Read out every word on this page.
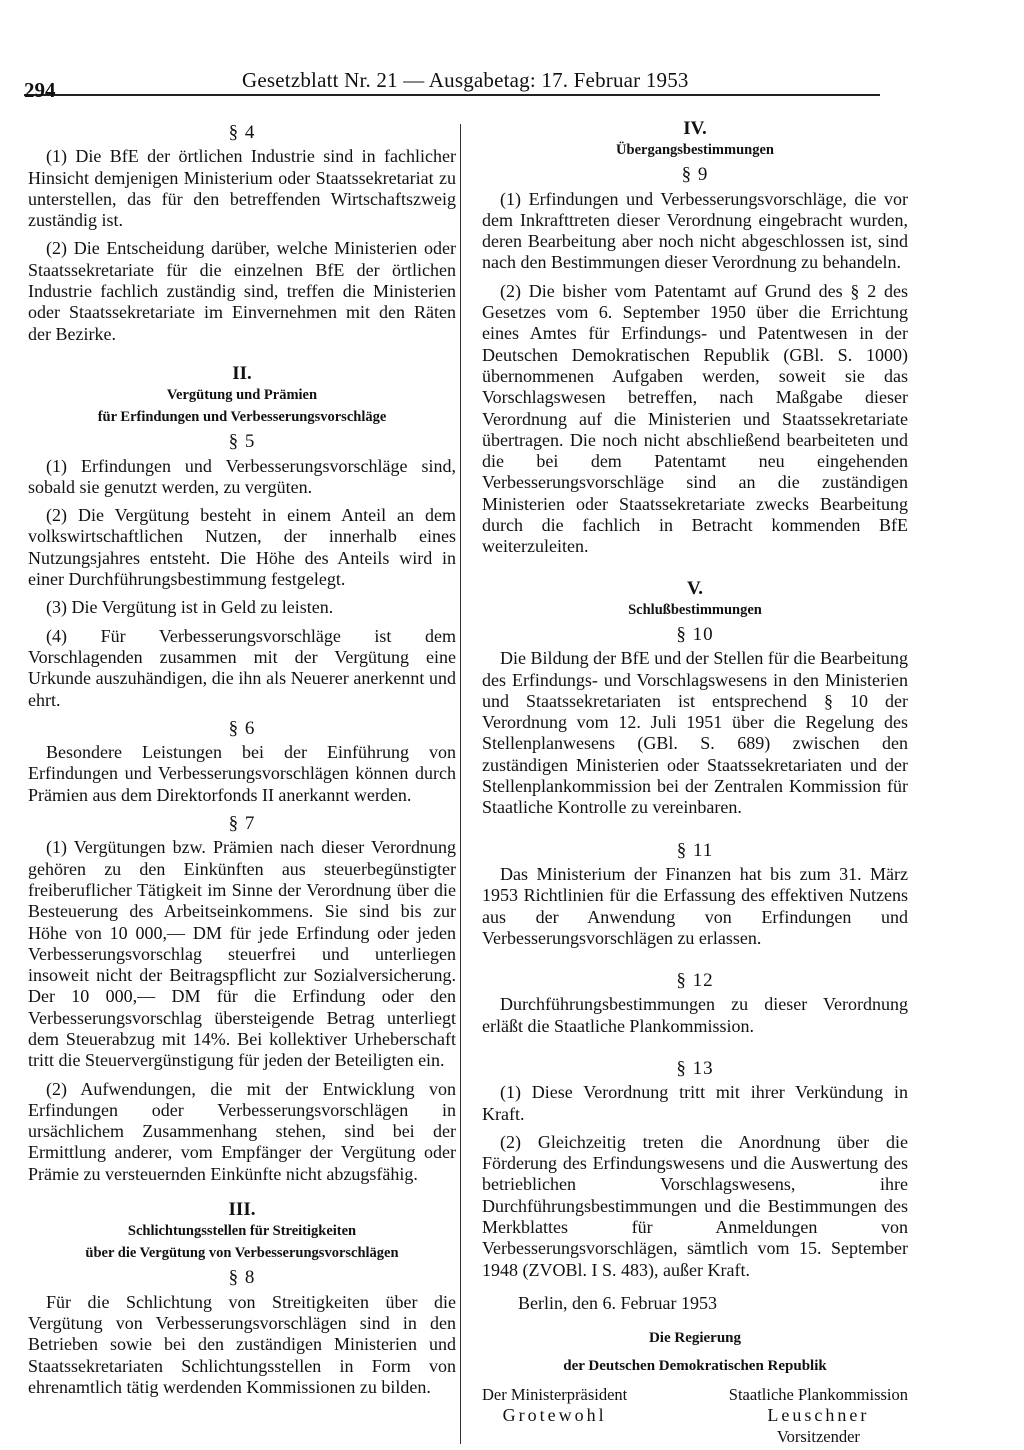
294	Gesetzblatt Nr. 21 — Ausgabetag: 17. Februar 1953
§ 4

(1) Die BfE der örtlichen Industrie sind in fachlicher Hinsicht demjenigen Ministerium oder Staatssekretariat zu unterstellen, das für den betreffenden Wirtschaftszweig zuständig ist.

(2) Die Entscheidung darüber, welche Ministerien oder Staatssekretariate für die einzelnen BfE der örtlichen Industrie fachlich zuständig sind, treffen die Ministerien oder Staatssekretariate im Einvernehmen mit den Räten der Bezirke.

II.
Vergütung und Prämien
für Erfindungen und Verbesserungsvorschläge
§ 5

(1) Erfindungen und Verbesserungsvorschläge sind, sobald sie genutzt werden, zu vergüten.

(2) Die Vergütung besteht in einem Anteil an dem volkswirtschaftlichen Nutzen, der innerhalb eines Nutzungsjahres entsteht. Die Höhe des Anteils wird in einer Durchführungsbestimmung festgelegt.

(3) Die Vergütung ist in Geld zu leisten.

(4) Für Verbesserungsvorschläge ist dem Vorschlagenden zusammen mit der Vergütung eine Urkunde auszuhändigen, die ihn als Neuerer anerkennt und ehrt.

§ 6

Besondere Leistungen bei der Einführung von Erfindungen und Verbesserungsvorschlägen können durch Prämien aus dem Direktorfonds II anerkannt werden.

§ 7

(1) Vergütungen bzw. Prämien nach dieser Verordnung gehören zu den Einkünften aus steuerbegünstigter freiberuflicher Tätigkeit im Sinne der Verordnung über die Besteuerung des Arbeitseinkommens. Sie sind bis zur Höhe von 10 000,— DM für jede Erfindung oder jeden Verbesserungsvorschlag steuerfrei und unterliegen insoweit nicht der Beitragspflicht zur Sozialversicherung. Der 10 000,— DM für die Erfindung oder den Verbesserungsvorschlag übersteigende Betrag unterliegt dem Steuerabzug mit 14%. Bei kollektiver Urheberschaft tritt die Steuervergünstigung für jeden der Beteiligten ein.

(2) Aufwendungen, die mit der Entwicklung von Erfindungen oder Verbesserungsvorschlägen in ursächlichem Zusammenhang stehen, sind bei der Ermittlung anderer, vom Empfänger der Vergütung oder Prämie zu versteuernden Einkünfte nicht abzugsfähig.

III.
Schlichtungsstellen für Streitigkeiten
über die Vergütung von Verbesserungsvorschlägen
§ 8

Für die Schlichtung von Streitigkeiten über die Vergütung von Verbesserungsvorschlägen sind in den Betrieben sowie bei den zuständigen Ministerien und Staatssekretariaten Schlichtungsstellen in Form von ehrenamtlich tätig werdenden Kommissionen zu bilden.

IV.
Übergangsbestimmungen
§ 9

(1) Erfindungen und Verbesserungsvorschläge, die vor dem Inkrafttreten dieser Verordnung eingebracht wurden, deren Bearbeitung aber noch nicht abgeschlossen ist, sind nach den Bestimmungen dieser Verordnung zu behandeln.

(2) Die bisher vom Patentamt auf Grund des § 2 des Gesetzes vom 6. September 1950 über die Errichtung eines Amtes für Erfindungs- und Patentwesen in der Deutschen Demokratischen Republik (GBl. S. 1000) übernommenen Aufgaben werden, soweit sie das Vorschlagswesen betreffen, nach Maßgabe dieser Verordnung auf die Ministerien und Staatssekretariate übertragen. Die noch nicht abschließend bearbeiteten und die bei dem Patentamt neu eingehenden Verbesserungsvorschläge sind an die zuständigen Ministerien oder Staatssekretariate zwecks Bearbeitung durch die fachlich in Betracht kommenden BfE weiterzuleiten.

V.
Schlußbestimmungen
§ 10

Die Bildung der BfE und der Stellen für die Bearbeitung des Erfindungs- und Vorschlagswesens in den Ministerien und Staatssekretariaten ist entsprechend § 10 der Verordnung vom 12. Juli 1951 über die Regelung des Stellenplanwesens (GBl. S. 689) zwischen den zuständigen Ministerien oder Staatssekretariaten und der Stellenplankommission bei der Zentralen Kommission für Staatliche Kontrolle zu vereinbaren.

§ 11

Das Ministerium der Finanzen hat bis zum 31. März 1953 Richtlinien für die Erfassung des effektiven Nutzens aus der Anwendung von Erfindungen und Verbesserungsvorschlägen zu erlassen.

§ 12

Durchführungsbestimmungen zu dieser Verordnung erläßt die Staatliche Plankommission.

§ 13

(1) Diese Verordnung tritt mit ihrer Verkündung in Kraft.

(2) Gleichzeitig treten die Anordnung über die Förderung des Erfindungswesens und die Auswertung des betrieblichen Vorschlagswesens, ihre Durchführungsbestimmungen und die Bestimmungen des Merkblattes für Anmeldungen von Verbesserungsvorschlägen, sämtlich vom 15. September 1948 (ZVOBl. I S. 483), außer Kraft.

Berlin, den 6. Februar 1953

Die Regierung
der Deutschen Demokratischen Republik
Der Ministerpräsident
Grotewohl
Staatliche Plankommission
Leuschner
Vorsitzender
